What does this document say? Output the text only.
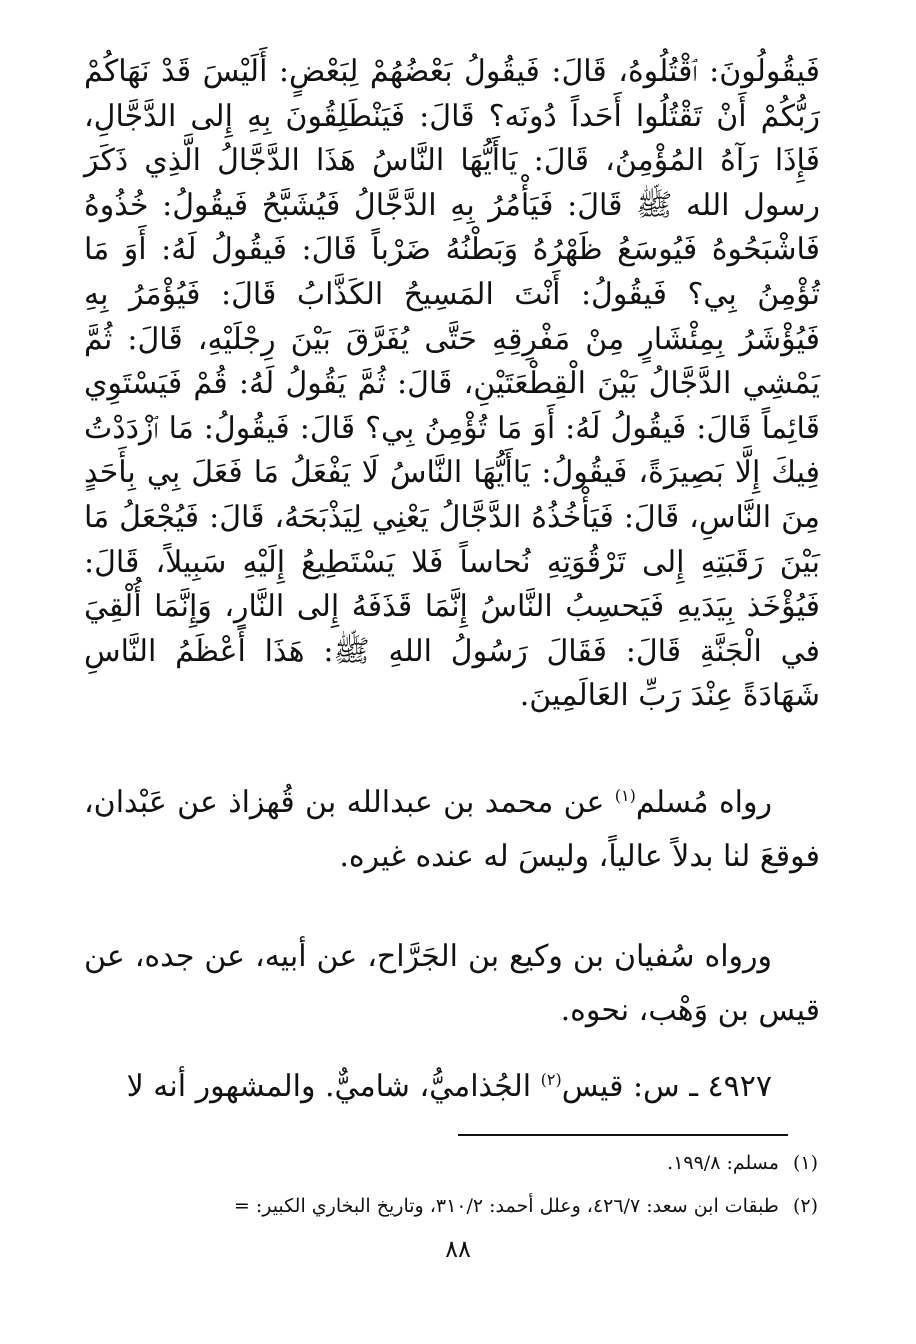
فَيقُولُونَ: ٱقْتُلُوهُ، قَالَ: فَيقُولُ بَعْضُهُمْ لِبَعْضٍ: أَلَيْسَ قَدْ نَهَاكُمْ رَبُّكُمْ أَنْ تَقْتُلُوا أَحَداً دُونَه؟ قَالَ: فَيَنْطَلِقُونَ بِهِ إِلى الدَّجَّالِ، فَإِذَا رَآهُ المُؤْمِنُ، قَالَ: يَاأَيُّهَا النَّاسُ هَذَا الدَّجَّالُ الَّذِي ذَكَرَ رسول الله ﷺ قَالَ: فَيَأْمُرُ بِهِ الدَّجَّالُ فَيُشَبَّحُ فَيقُولُ: خُذُوهُ فَاشْبَحُوهُ فَيُوسَعُ ظَهْرُهُ وَبَطْنُهُ ضَرْباً قَالَ: فَيقُولُ لَهُ: أَوَ مَا تُؤْمِنُ بِي؟ فَيقُولُ: أَنْتَ المَسِيحُ الكَذَّابُ قَالَ: فَيُؤْمَرُ بِهِ فَيُؤْشَرُ بِمِئْشَارٍ مِنْ مَفْرِقِهِ حَتَّى يُفَرَّقَ بَيْنَ رِجْلَيْهِ، قَالَ: ثُمَّ يَمْشِي الدَّجَّالُ بَيْنَ الْقِطْعَتَيْنِ، قَالَ: ثُمَّ يَقُولُ لَهُ: قُمْ فَيَسْتَوِي قَائِماً قَالَ: فَيقُولُ لَهُ: أَوَ مَا تُؤْمِنُ بِي؟ قَالَ: فَيقُولُ: مَا ٱزْدَدْتُ فِيكَ إِلَّا بَصِيرَةً، فَيقُولُ: يَاأَيُّهَا النَّاسُ لَا يَفْعَلُ مَا فَعَلَ بِي بِأَحَدٍ مِنَ النَّاسِ، قَالَ: فَيَأْخُذُهُ الدَّجَّالُ يَعْنِي لِيَذْبَحَهُ، قَالَ: فَيُجْعَلُ مَا بَيْنَ رَقَبَتِهِ إِلى تَرْقُوَتِهِ نُحاساً فَلا يَسْتَطِيعُ إِلَيْهِ سَبِيلاً، قَالَ: فَيُؤْخَذ بِيَدَيهِ فَيَحسِبُ النَّاسُ إِنَّمَا قَذَفَهُ إِلى النَّارِ، وَإِنَّمَا أُلْقِيَ في الْجَنَّةِ قَالَ: فَقَالَ رَسُولُ اللهِ ﷺ: هَذَا أَعْظَمُ النَّاسِ شَهَادَةً عِنْدَ رَبِّ العَالَمِينَ.

رواه مُسلم$^{(١)}$ عن محمد بن عبدالله بن قُهزاذ عن عَبْدان، فوقعَ لنا بدلاً عالياً، وليسَ له عنده غيره.

ورواه سُفيان بن وكيع بن الجَرَّاح، عن أبيه، عن جده، عن قيس بن وَهْب، نحوه.

٤٩٢٧ ـ س: قيس$^{(٢)}$ الجُذاميُّ، شاميٌّ. والمشهور أنه لا

(١)مسلم: ١٩٩/٨.

(٢)طبقات ابن سعد: ٤٢٦/٧، وعلل أحمد: ٣١٠/٢، وتاريخ البخاري الكبير: =

٨٨
